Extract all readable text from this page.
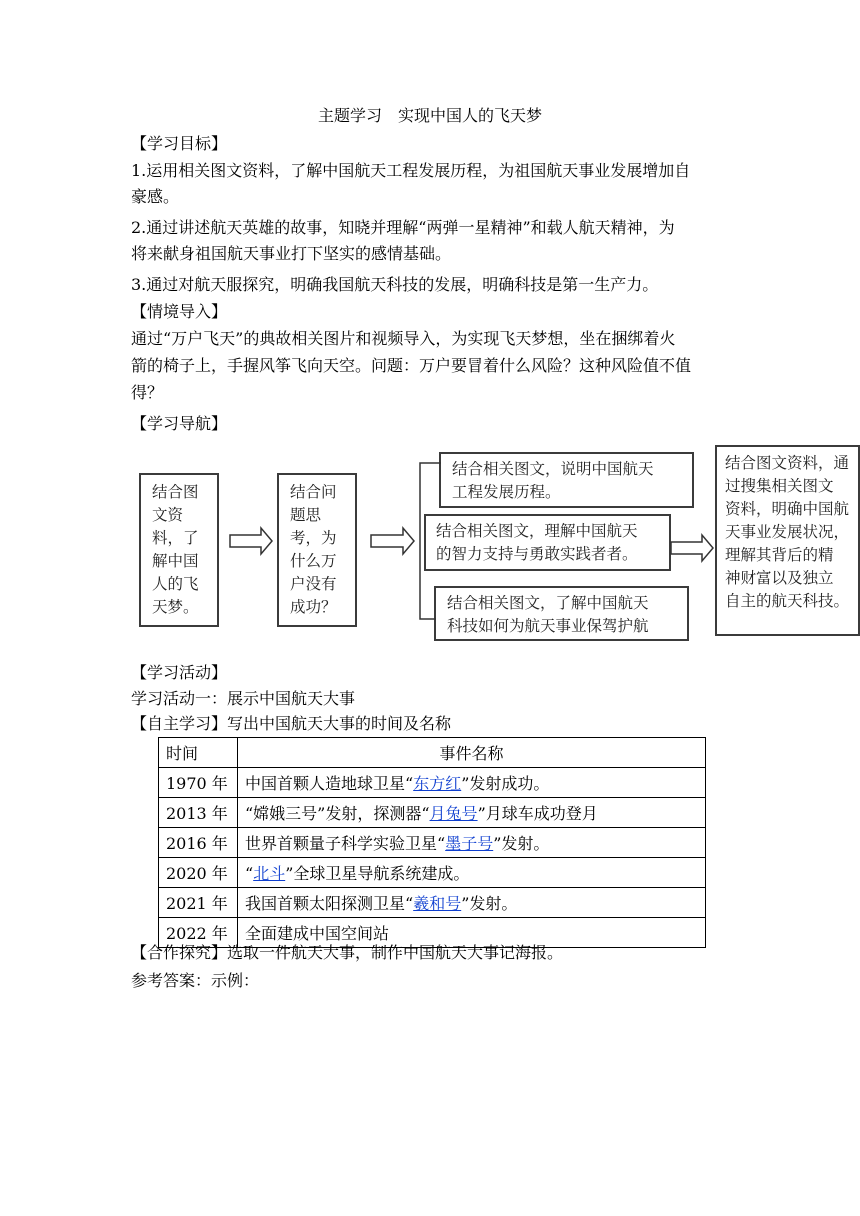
主题学习　实现中国人的飞天梦
【学习目标】
1.运用相关图文资料，了解中国航天工程发展历程，为祖国航天事业发展增加自
豪感。
2.通过讲述航天英雄的故事，知晓并理解“两弹一星精神”和载人航天精神，为
将来献身祖国航天事业打下坚实的感情基础。
3.通过对航天服探究，明确我国航天科技的发展，明确科技是第一生产力。
【情境导入】
通过“万户飞天”的典故相关图片和视频导入，为实现飞天梦想，坐在捆绑着火
箭的椅子上，手握风筝飞向天空。问题：万户要冒着什么风险？这种风险值不值
得？
【学习导航】
结合图
文资
料，了
解中国
人的飞
天梦。
结合问
题思
考，为
什么万
户没有
成功？
结合相关图文，说明中国航天
工程发展历程。
结合相关图文，理解中国航天
的智力支持与勇敢实践者者。
结合相关图文，了解中国航天
科技如何为航天事业保驾护航
结合图文资料，通
过搜集相关图文
资料，明确中国航
天事业发展状况，
理解其背后的精
神财富以及独立
自主的航天科技。
【学习活动】
学习活动一：展示中国航天大事
【自主学习】写出中国航天大事的时间及名称
时间	事件名称
1970 年	中国首颗人造地球卫星“东方红”发射成功。
2013 年	“嫦娥三号”发射，探测器“月兔号”月球车成功登月
2016 年	世界首颗量子科学实验卫星“墨子号”发射。
2020 年	“北斗”全球卫星导航系统建成。
2021 年	我国首颗太阳探测卫星“羲和号”发射。
2022 年	全面建成中国空间站
【合作探究】选取一件航天大事，制作中国航天大事记海报。
参考答案：示例：
